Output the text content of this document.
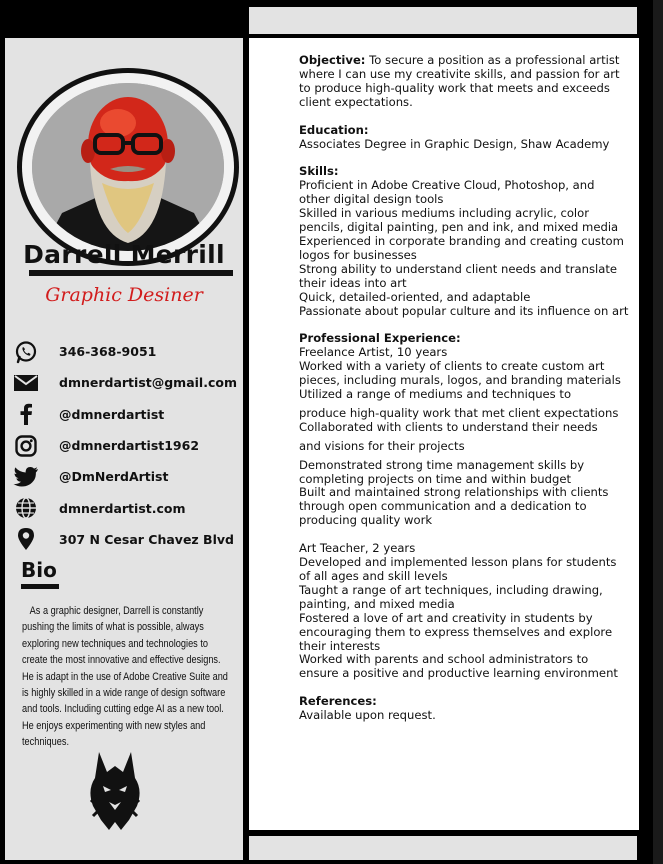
Darrell Merrill
Graphic Desiner
346-368-9051
dmnerdartist@gmail.com
@dmnerdartist
@dmnerdartist1962
@DmNerdArtist
dmnerdartist.com
307 N Cesar Chavez Blvd
Bio
As a graphic designer, Darrell is constantly pushing the limits of what is possible, always exploring new techniques and technologies to create the most innovative and effective designs. He is adapt in the use of Adobe Creative Suite and is highly skilled in a wide range of design software and tools. Including cutting edge AI as a new tool. He enjoys experimenting with new styles and techniques.

Objective: To secure a position as a professional artist where I can use my creativite skills, and passion for art to produce high-quality work that meets and exceeds client expectations.

Education:

Associates Degree in Graphic Design, Shaw Academy

Skills:

Proficient in Adobe Creative Cloud, Photoshop, and other digital design tools

Skilled in various mediums including acrylic, color pencils, digital painting, pen and ink, and mixed media

Experienced in corporate branding and creating custom logos for businesses

Strong ability to understand client needs and translate their ideas into art

Quick, detailed-oriented, and adaptable

Passionate about popular culture and its influence on art

Professional Experience:

Freelance Artist, 10 years

Worked with a variety of clients to create custom art pieces, including murals, logos, and branding materials

Utilized a range of mediums and techniques to

produce high-quality work that met client expectations

Collaborated with clients to understand their needs

and visions for their projects

Demonstrated strong time management skills by completing projects on time and within budget

Built and maintained strong relationships with clients through open communication and a dedication to producing quality work

Art Teacher, 2 years

Developed and implemented lesson plans for students of all ages and skill levels

Taught a range of art techniques, including drawing, painting, and mixed media

Fostered a love of art and creativity in students by encouraging them to express themselves and explore their interests

Worked with parents and school administrators to ensure a positive and productive learning environment

References:

Available upon request.
